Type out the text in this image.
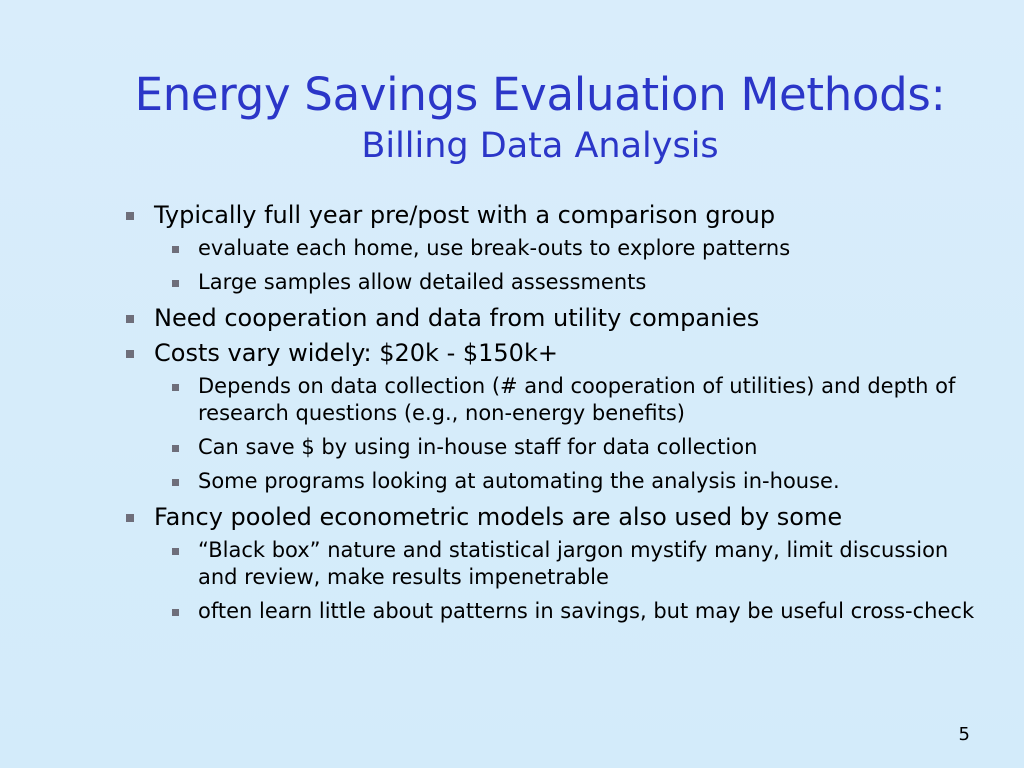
Energy Savings Evaluation Methods:
Billing Data Analysis
Typically full year pre/post with a comparison group
evaluate each home, use break-outs to explore patterns
Large samples allow detailed assessments
Need cooperation and data from utility companies
Costs vary widely: $20k - $150k+
Depends on data collection (# and cooperation of utilities) and depth of research questions (e.g., non-energy benefits)
Can save $ by using in-house staff for data collection
Some programs looking at automating the analysis in-house.
Fancy pooled econometric models are also used by some
“Black box” nature and statistical jargon mystify many, limit discussion and review, make results impenetrable
often learn little about patterns in savings, but may be useful cross-check
5
